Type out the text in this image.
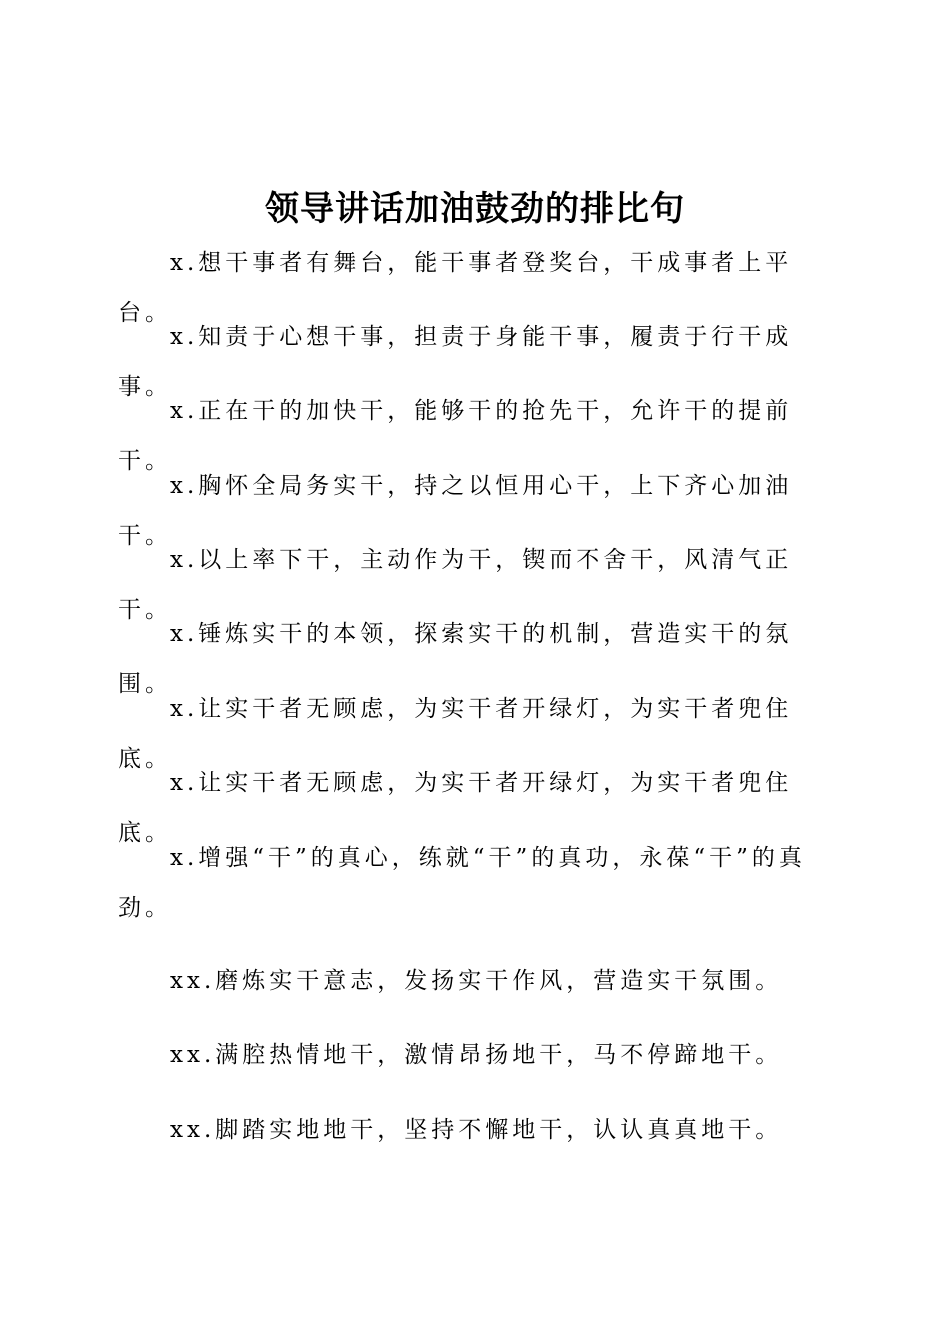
领导讲话加油鼓劲的排比句
x.想干事者有舞台，能干事者登奖台，干成事者上平台。
x.知责于心想干事，担责于身能干事，履责于行干成事。
x.正在干的加快干，能够干的抢先干，允许干的提前干。
x.胸怀全局务实干，持之以恒用心干，上下齐心加油干。
x.以上率下干，主动作为干，锲而不舍干，风清气正干。
x.锤炼实干的本领，探索实干的机制，营造实干的氛围。
x.让实干者无顾虑，为实干者开绿灯，为实干者兜住底。
x.让实干者无顾虑，为实干者开绿灯，为实干者兜住底。
x.增强“干”的真心，练就“干”的真功，永葆“干”的真劲。
xx.磨炼实干意志，发扬实干作风，营造实干氛围。
xx.满腔热情地干，激情昂扬地干，马不停蹄地干。
xx.脚踏实地地干，坚持不懈地干，认认真真地干。
